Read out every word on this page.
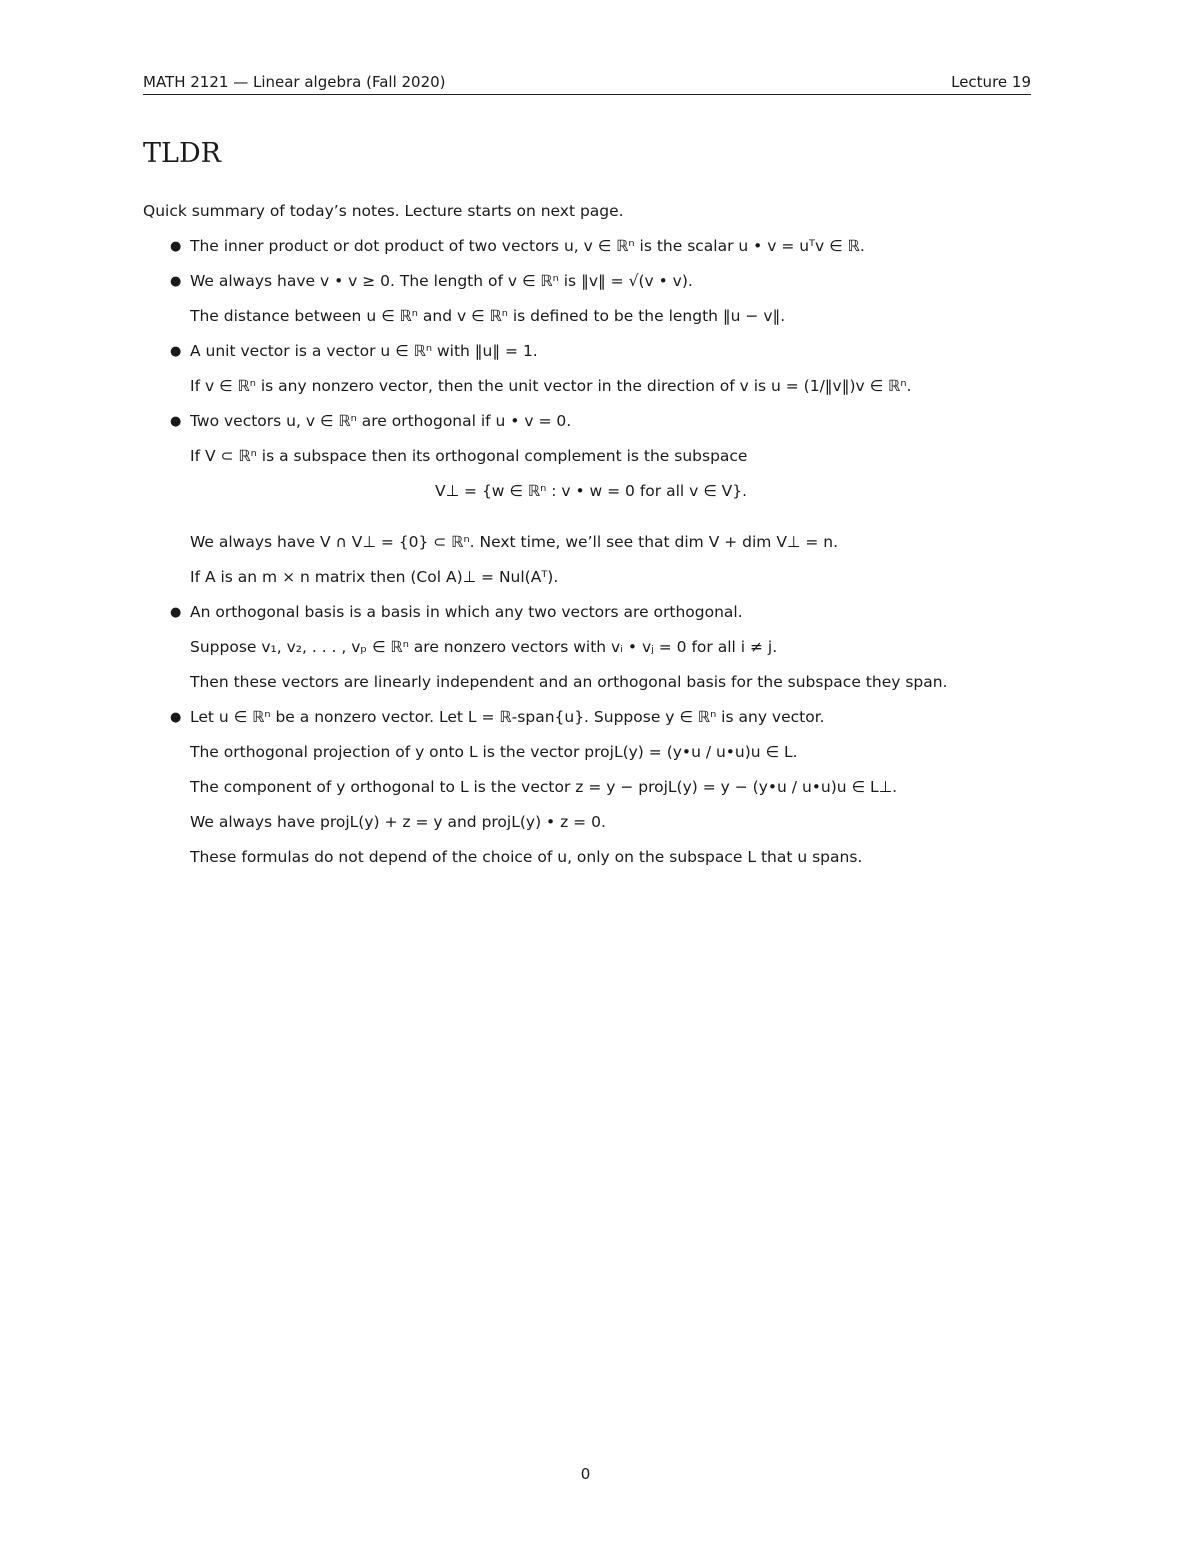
MATH 2121 — Linear algebra (Fall 2020)	Lecture 19
TLDR
Quick summary of today’s notes. Lecture starts on next page.
● The inner product or dot product of two vectors u, v ∈ ℝⁿ is the scalar u • v = uᵀv ∈ ℝ.
● We always have v • v ≥ 0. The length of v ∈ ℝⁿ is ‖v‖ = √(v • v).
The distance between u ∈ ℝⁿ and v ∈ ℝⁿ is defined to be the length ‖u − v‖.
● A unit vector is a vector u ∈ ℝⁿ with ‖u‖ = 1.
If v ∈ ℝⁿ is any nonzero vector, then the unit vector in the direction of v is u = (1/‖v‖)v ∈ ℝⁿ.
● Two vectors u, v ∈ ℝⁿ are orthogonal if u • v = 0.
If V ⊂ ℝⁿ is a subspace then its orthogonal complement is the subspace
V⊥ = {w ∈ ℝⁿ : v • w = 0 for all v ∈ V}.
We always have V ∩ V⊥ = {0} ⊂ ℝⁿ. Next time, we’ll see that dim V + dim V⊥ = n.
If A is an m × n matrix then (Col A)⊥ = Nul(Aᵀ).
● An orthogonal basis is a basis in which any two vectors are orthogonal.
Suppose v₁, v₂, . . . , vₚ ∈ ℝⁿ are nonzero vectors with vᵢ • vⱼ = 0 for all i ≠ j.
Then these vectors are linearly independent and an orthogonal basis for the subspace they span.
● Let u ∈ ℝⁿ be a nonzero vector. Let L = ℝ-span{u}. Suppose y ∈ ℝⁿ is any vector.
The orthogonal projection of y onto L is the vector projL(y) = (y•u / u•u)u ∈ L.
The component of y orthogonal to L is the vector z = y − projL(y) = y − (y•u / u•u)u ∈ L⊥.
We always have projL(y) + z = y and projL(y) • z = 0.
These formulas do not depend of the choice of u, only on the subspace L that u spans.
0
